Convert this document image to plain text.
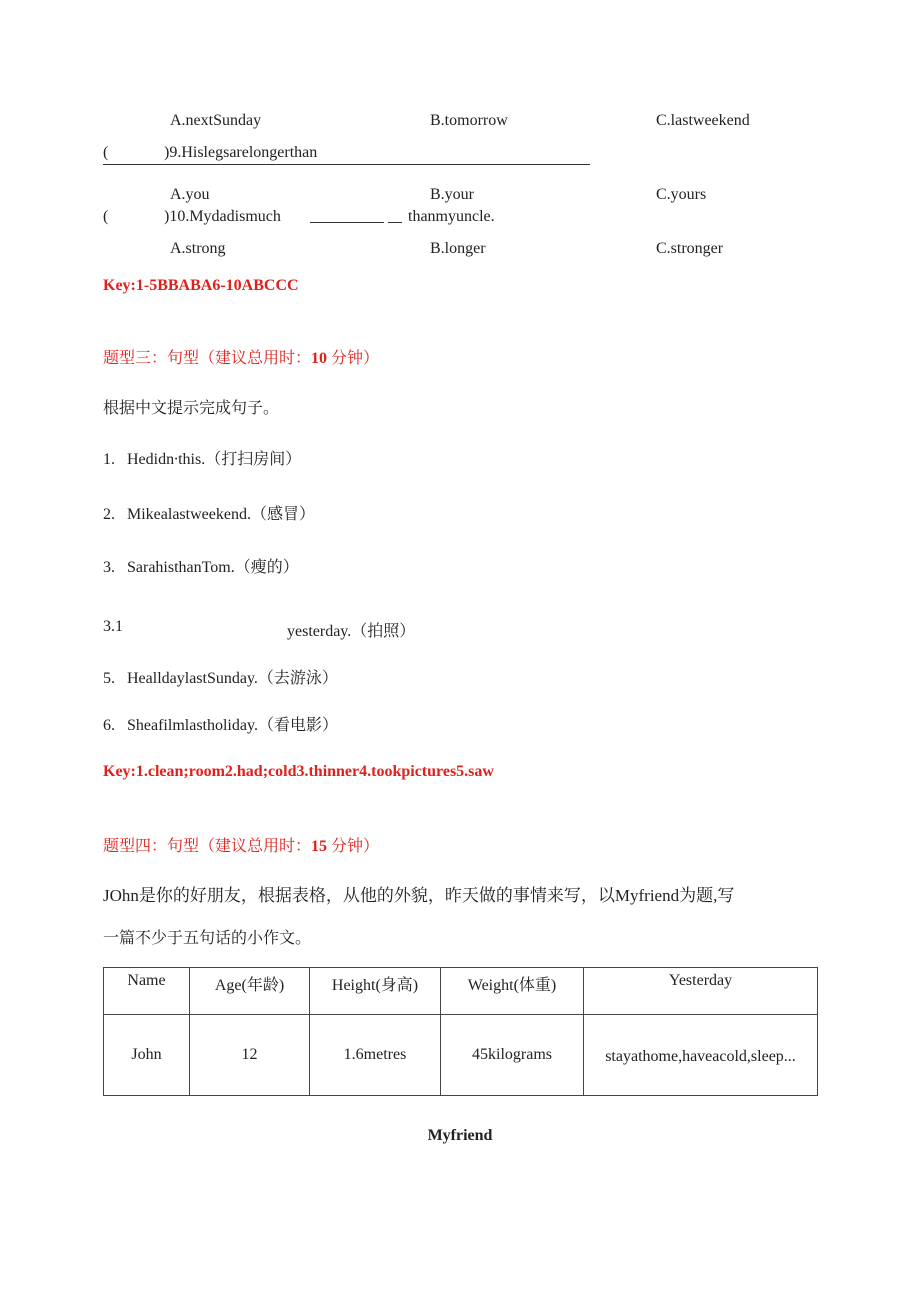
A.nextSunday	B.tomorrow	C.lastweekend
(	)9.Hislegsarelongerthan
A.you	B.your	C.yours
(	)10.Mydadismuch
	thanmyuncle.
A.strong	B.longer	C.stronger
Key:1-5BBABA6-10ABCCC
题型三：句型（建议总用时：10 分钟）
根据中文提示完成句子。
1. Hedidn∙this.（打扫房间）
2. Mikealastweekend.（感冒）
3. SarahisthanTom.（瘦的）
3.1	yesterday.（拍照）
5. HealldaylastSunday.（去游泳）
6. Sheafilmlastholiday.（看电影）
Key:1.clean;room2.had;cold3.thinner4.tookpictures5.saw
题型四：句型（建议总用时：15 分钟）
JOhn是你的好朋友，根据表格，从他的外貌，昨天做的事情来写，以Myfriend为题,写
一篇不少于五句话的小作文。
Name	Age(年龄)	Height(身高)	Weight(体重)	Yesterday
John	12	1.6metres	45kilograms	stayathome,haveacold,sleep...
Myfriend
